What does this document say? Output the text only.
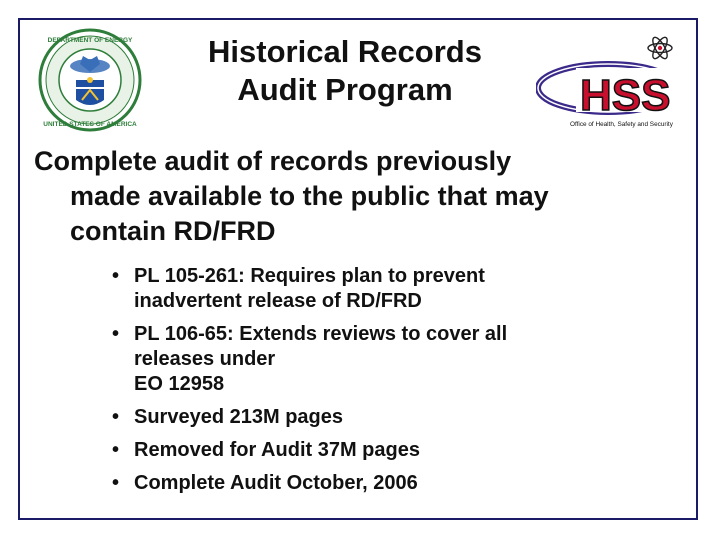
DEPARTMENT OF ENERGY
UNITED STATES OF AMERICA
Historical Records
Audit Program	HSS
Office of Health, Safety and Security
Complete audit of records previously
made available to the public that may
contain RD/FRD
• PL 105-261: Requires plan to prevent
inadvertent release of RD/FRD
• PL 106-65: Extends reviews to cover all
releases under
EO 12958
• Surveyed 213M pages
• Removed for Audit 37M pages
• Complete Audit October, 2006
